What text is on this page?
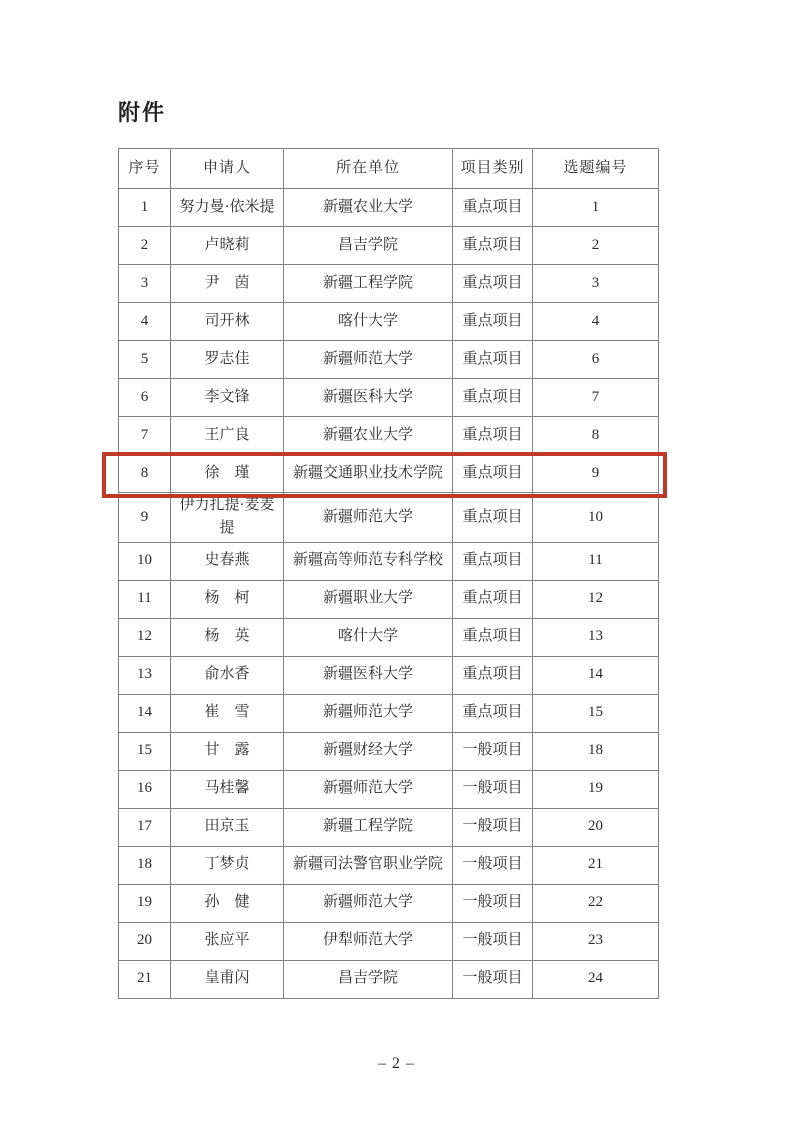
附件
序号	申请人	所在单位	项目类别	选题编号
1	努力曼·依米提	新疆农业大学	重点项目	1
2	卢晓莉	昌吉学院	重点项目	2
3	尹　茵	新疆工程学院	重点项目	3
4	司开林	喀什大学	重点项目	4
5	罗志佳	新疆师范大学	重点项目	6
6	李文锋	新疆医科大学	重点项目	7
7	王广良	新疆农业大学	重点项目	8
8	徐　瑾	新疆交通职业技术学院	重点项目	9
9	伊力扎提·麦麦提	新疆师范大学	重点项目	10
10	史春燕	新疆高等师范专科学校	重点项目	11
11	杨　柯	新疆职业大学	重点项目	12
12	杨　英	喀什大学	重点项目	13
13	俞水香	新疆医科大学	重点项目	14
14	崔　雪	新疆师范大学	重点项目	15
15	甘　露	新疆财经大学	一般项目	18
16	马桂馨	新疆师范大学	一般项目	19
17	田京玉	新疆工程学院	一般项目	20
18	丁梦贞	新疆司法警官职业学院	一般项目	21
19	孙　健	新疆师范大学	一般项目	22
20	张应平	伊犁师范大学	一般项目	23
21	皇甫闪	昌吉学院	一般项目	24
– 2 –
